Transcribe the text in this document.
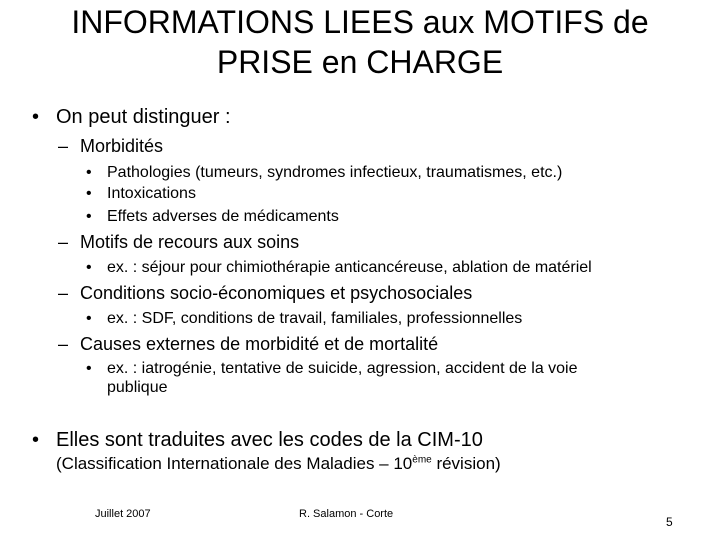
INFORMATIONS LIEES aux MOTIFS de
PRISE en CHARGE
• On peut distinguer :
– Morbidités
• Pathologies (tumeurs, syndromes infectieux, traumatismes, etc.)
• Intoxications
• Effets adverses de médicaments
– Motifs de recours aux soins
• ex. : séjour pour chimiothérapie anticancéreuse, ablation de matériel
– Conditions socio-économiques et psychosociales
• ex. : SDF, conditions de travail, familiales, professionnelles
– Causes externes de morbidité et de mortalité
• ex. : iatrogénie, tentative de suicide, agression, accident de la voie
publique
• Elles sont traduites avec les codes de la CIM-10
(Classification Internationale des Maladies – 10ème révision)
Juillet 2007	R. Salamon - Corte
5
